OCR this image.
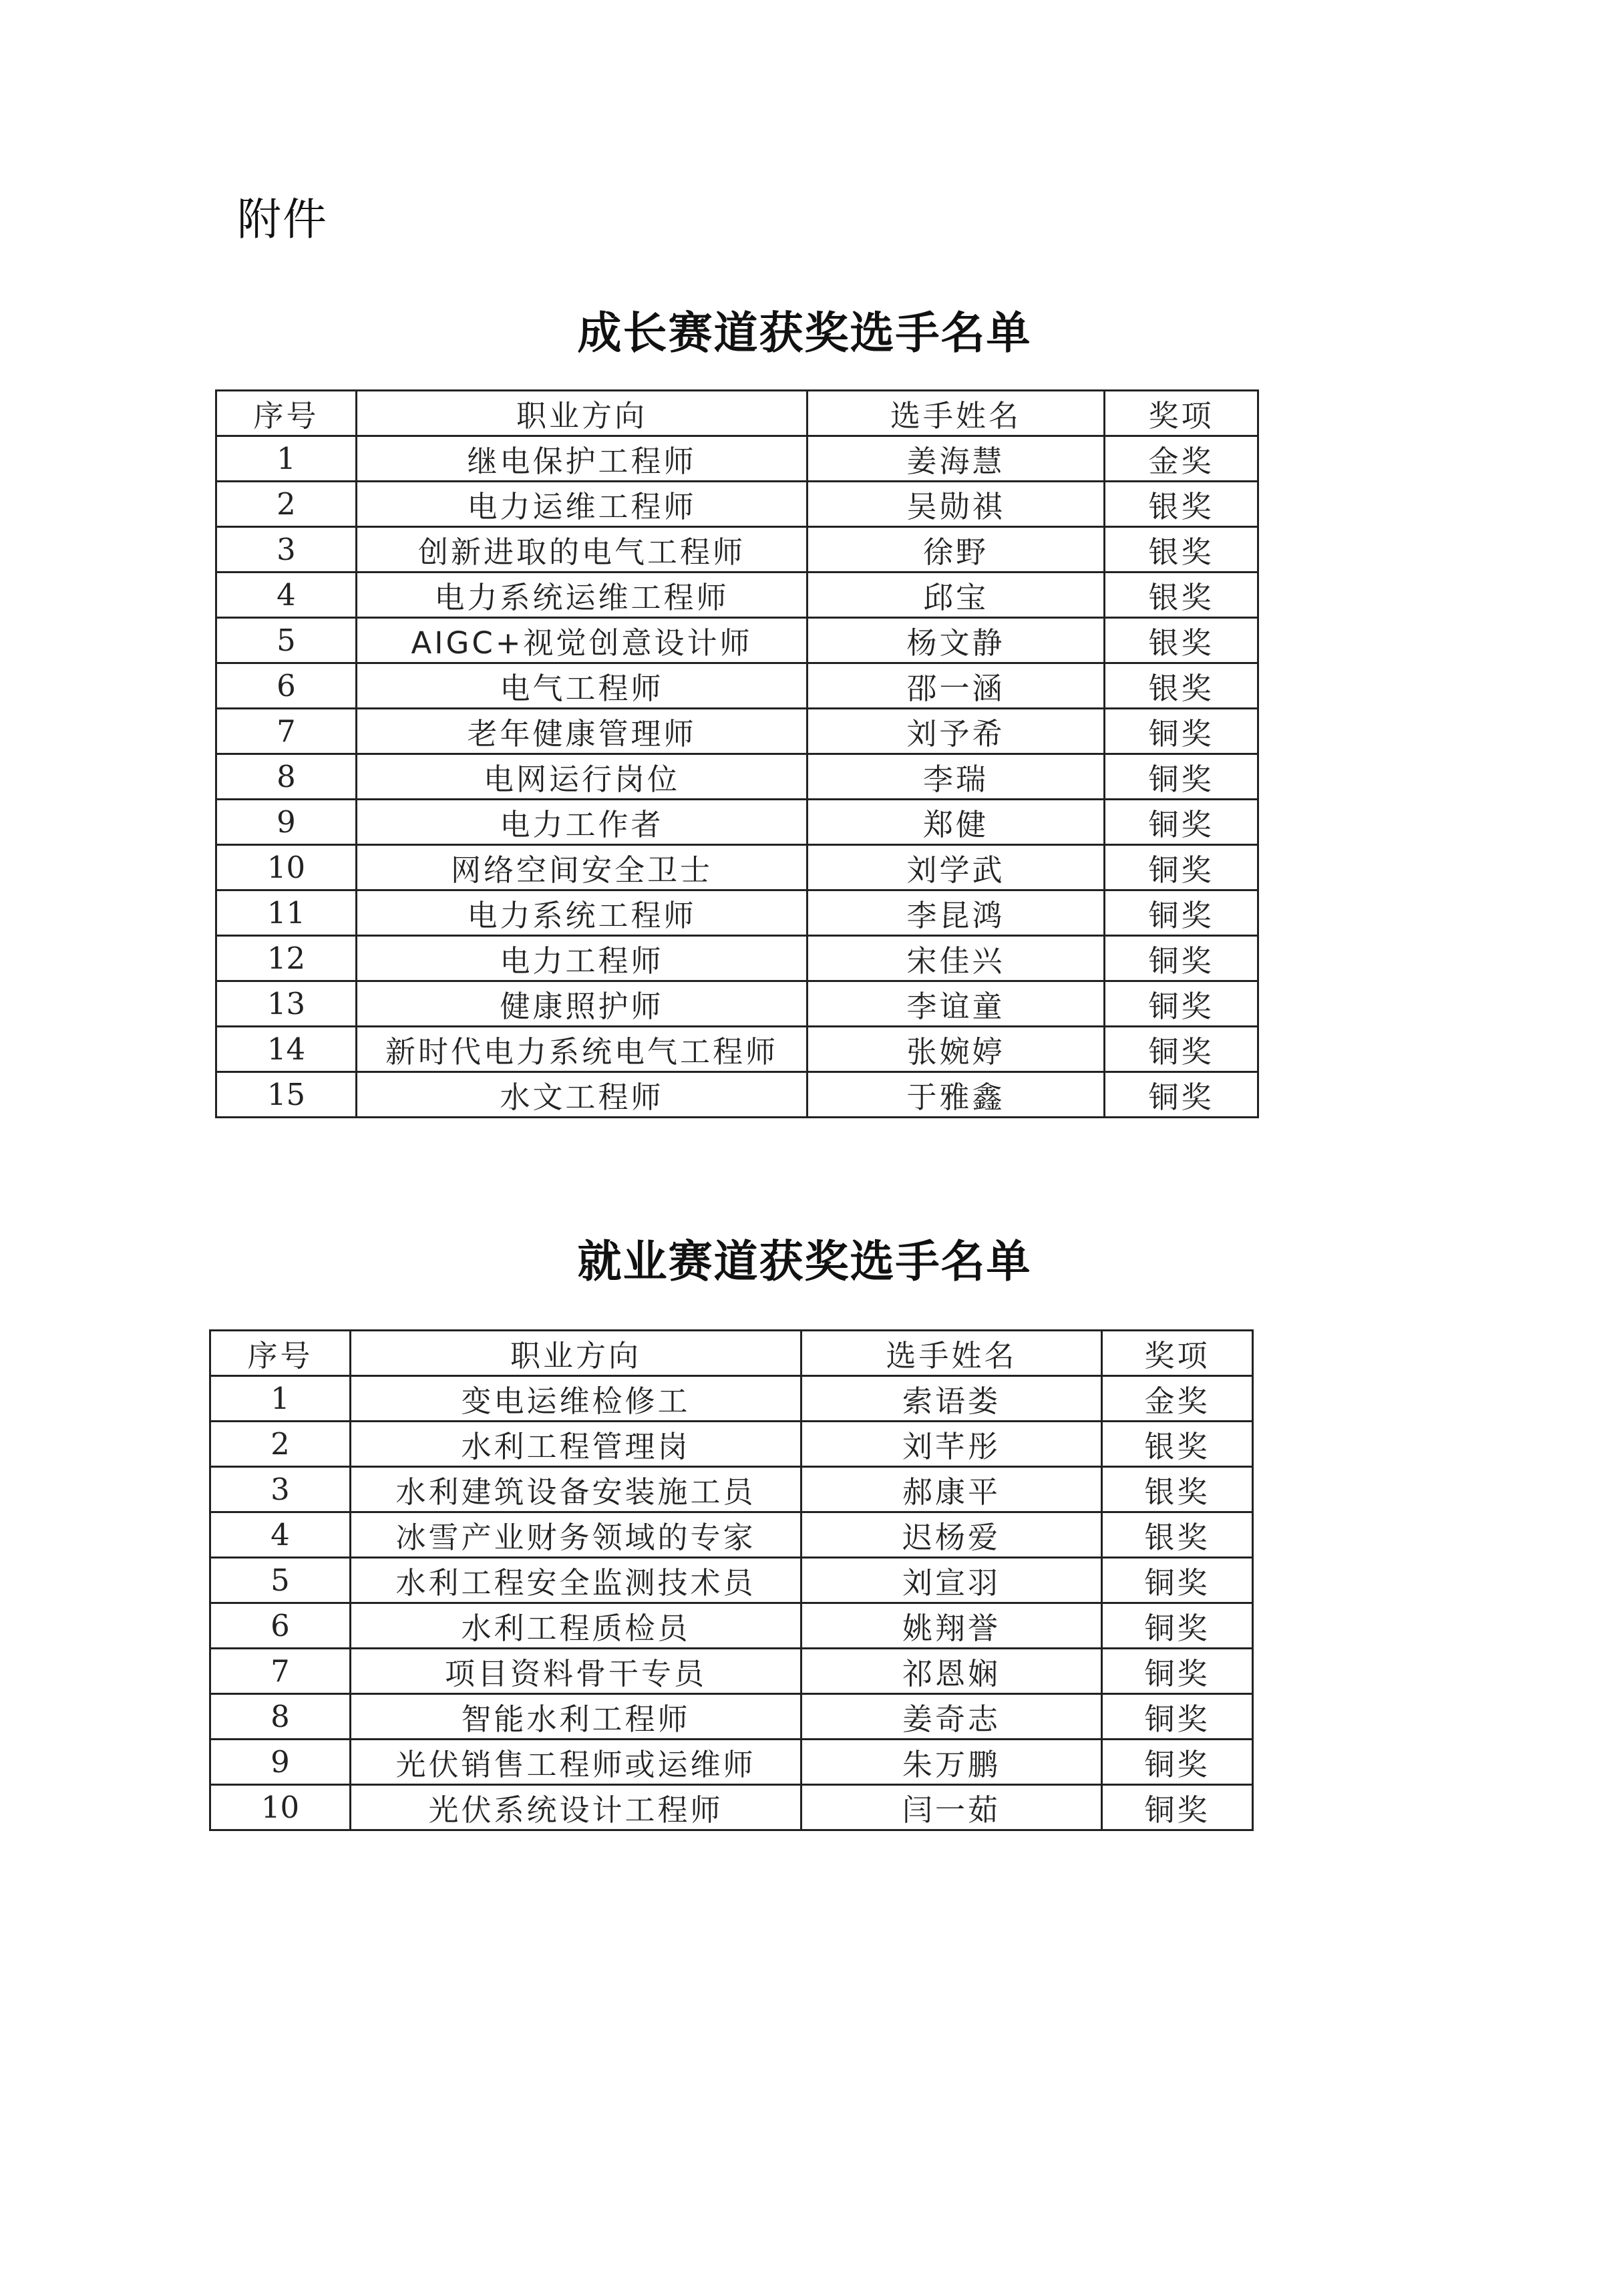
附件
成长赛道获奖选手名单
序号	职业方向	选手姓名	奖项
1	继电保护工程师	姜海慧	金奖
2	电力运维工程师	吴勋祺	银奖
3	创新进取的电气工程师	徐野	银奖
4	电力系统运维工程师	邱宝	银奖
5	AIGC+视觉创意设计师	杨文静	银奖
6	电气工程师	邵一涵	银奖
7	老年健康管理师	刘予希	铜奖
8	电网运行岗位	李瑞	铜奖
9	电力工作者	郑健	铜奖
10	网络空间安全卫士	刘学武	铜奖
11	电力系统工程师	李昆鸿	铜奖
12	电力工程师	宋佳兴	铜奖
13	健康照护师	李谊童	铜奖
14	新时代电力系统电气工程师	张婉婷	铜奖
15	水文工程师	于雅鑫	铜奖
就业赛道获奖选手名单
序号	职业方向	选手姓名	奖项
1	变电运维检修工	索语娄	金奖
2	水利工程管理岗	刘芊彤	银奖
3	水利建筑设备安装施工员	郝康平	银奖
4	冰雪产业财务领域的专家	迟杨爱	银奖
5	水利工程安全监测技术员	刘宣羽	铜奖
6	水利工程质检员	姚翔誉	铜奖
7	项目资料骨干专员	祁恩娴	铜奖
8	智能水利工程师	姜奇志	铜奖
9	光伏销售工程师或运维师	朱万鹏	铜奖
10	光伏系统设计工程师	闫一茹	铜奖
